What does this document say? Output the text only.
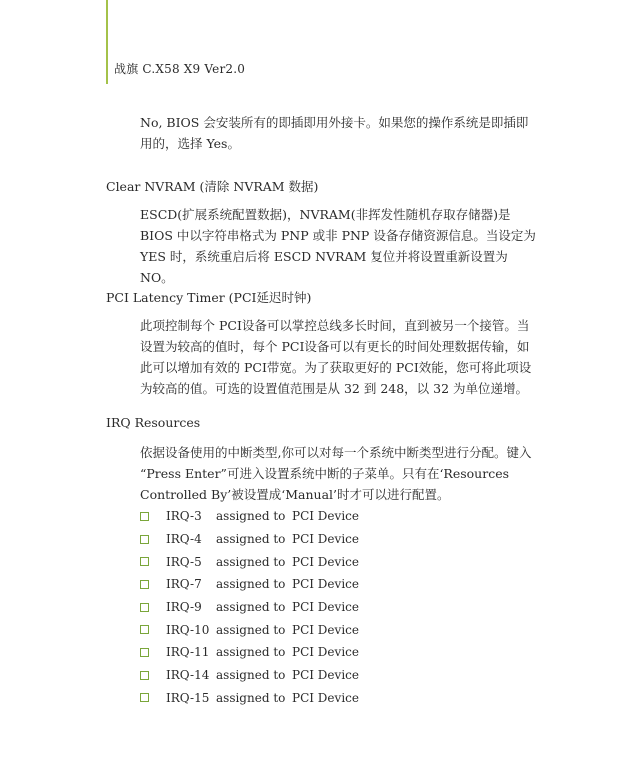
战旗 C.X58 X9 Ver2.0
No, BIOS 会安装所有的即插即用外接卡。如果您的操作系统是即插即用的，选择 Yes。
Clear NVRAM (清除 NVRAM 数据)
ESCD(扩展系统配置数据)，NVRAM(非挥发性随机存取存储器)是 BIOS 中以字符串格式为 PNP 或非 PNP 设备存储资源信息。当设定为 YES 时，系统重启后将 ESCD NVRAM 复位并将设置重新设置为 NO。
PCI Latency Timer (PCI延迟时钟)
此项控制每个 PCI设备可以掌控总线多长时间，直到被另一个接管。当设置为较高的值时，每个 PCI设备可以有更长的时间处理数据传输，如此可以增加有效的 PCI带宽。为了获取更好的 PCI效能，您可将此项设为较高的值。可选的设置值范围是从 32 到 248，以 32 为单位递增。
IRQ Resources
依据设备使用的中断类型,你可以对每一个系统中断类型进行分配。键入 “Press Enter”可进入设置系统中断的子菜单。只有在‘Resources Controlled By’被设置成‘Manual’时才可以进行配置。
IRQ-3	assigned to PCI Device
IRQ-4	assigned to PCI Device
IRQ-5	assigned to PCI Device
IRQ-7	assigned to PCI Device
IRQ-9	assigned to PCI Device
IRQ-10 assigned to PCI Device
IRQ-11 assigned to PCI Device
IRQ-14 assigned to PCI Device
IRQ-15 assigned to PCI Device
